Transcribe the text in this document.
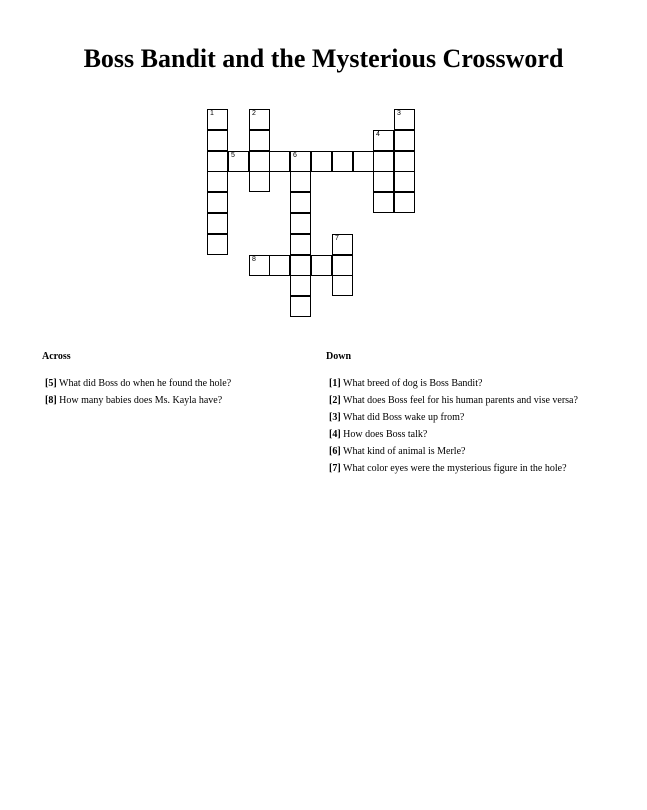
Boss Bandit and the Mysterious Crossword
1	2
6
5
4
3
7
8
Across
[5] What did Boss do when he found the hole?
[8] How many babies does Ms. Kayla have?
Down
[1] What breed of dog is Boss Bandit?
[2] What does Boss feel for his human parents and vise versa?
[3] What did Boss wake up from?
[4] How does Boss talk?
[6] What kind of animal is Merle?
[7] What color eyes were the mysterious figure in the hole?
